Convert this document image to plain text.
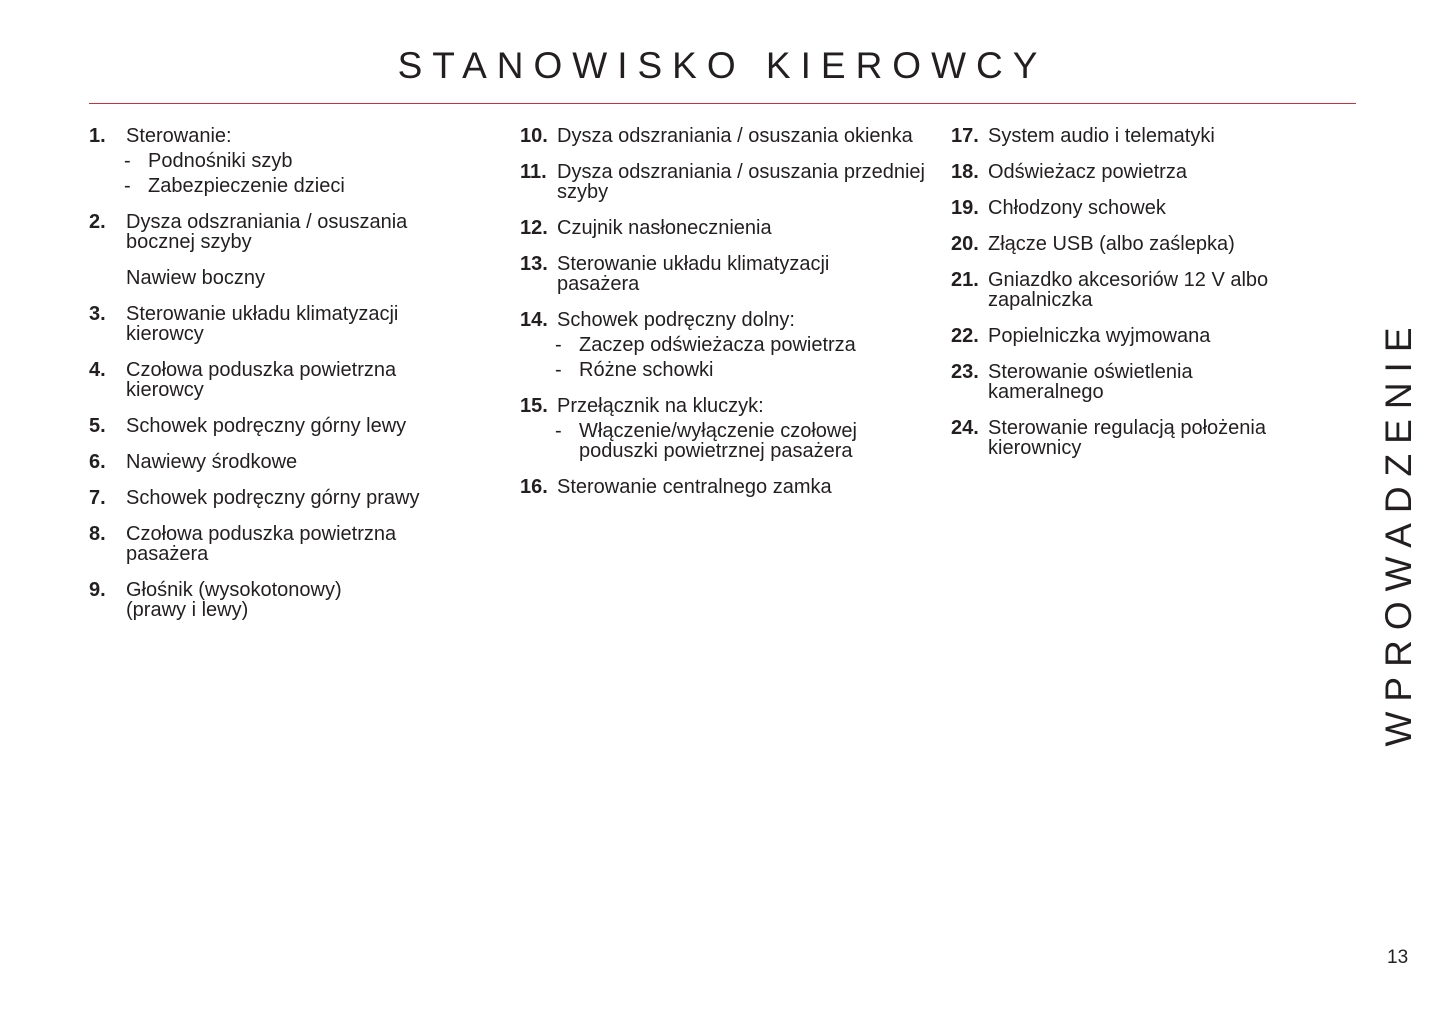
STANOWISKO KIEROWCY
1. Sterowanie:
- Podnośniki szyb
- Zabezpieczenie dzieci
2. Dysza odszraniania / osuszania bocznej szyby
Nawiew boczny
3. Sterowanie układu klimatyzacji kierowcy
4. Czołowa poduszka powietrzna kierowcy
5. Schowek podręczny górny lewy
6. Nawiewy środkowe
7. Schowek podręczny górny prawy
8. Czołowa poduszka powietrzna pasażera
9. Głośnik (wysokotonowy) (prawy i lewy)
10. Dysza odszraniania / osuszania okienka
11. Dysza odszraniania / osuszania przedniej szyby
12. Czujnik nasłonecznienia
13. Sterowanie układu klimatyzacji pasażera
14. Schowek podręczny dolny:
- Zaczep odświeżacza powietrza
- Różne schowki
15. Przełącznik na kluczyk:
- Włączenie/wyłączenie czołowej poduszki powietrznej pasażera
16. Sterowanie centralnego zamka
17. System audio i telematyki
18. Odświeżacz powietrza
19. Chłodzony schowek
20. Złącze USB (albo zaślepka)
21. Gniazdko akcesoriów 12 V albo zapalniczka
22. Popielniczka wyjmowana
23. Sterowanie oświetlenia kameralnego
24. Sterowanie regulacją położenia kierownicy	WPROWADZENIE
13
